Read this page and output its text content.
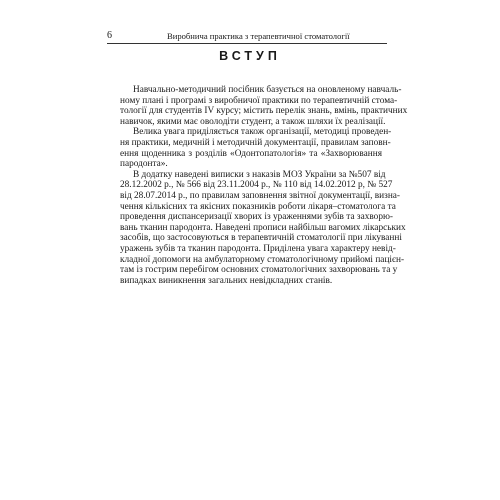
6	Виробнича практика з терапевтичної стоматології
ВСТУП
Навчально-методичний посібник базується на оновленому навчаль-
ному плані і програмі з виробничої практики по терапевтичній стома-
тології для студентів IV курсу; містить перелік знань, вмінь, практичних
навичок, якими має оволодіти студент, а також шляхи їх реалізації.
Велика увага приділяється також організації, методиці проведен-
ня практики, медичній і методичній документації, правилам заповн-
ення щоденника з розділів «Одонтопатологія» та «Захворювання
пародонта».
В додатку наведені виписки з наказів МОЗ України за №507 від
28.12.2002 р., № 566 від 23.11.2004 р., № 110 від 14.02.2012 р, № 527
від 28.07.2014 р., по правилам заповнення звітної документації, визна-
чення кількісних та якісних показників роботи лікаря–стоматолога та
проведення диспансеризації хворих із ураженнями зубів та захворю-
вань тканин пародонта. Наведені прописи найбільш вагомих лікарських
засобів, що застосовуються в терапевтичній стоматології при лікуванні
уражень зубів та тканин пародонта. Приділена увага характеру невід-
кладної допомоги на амбулаторному стоматологічному прийомі пацієн-
там із гострим перебігом основних стоматологічних захворювань та у
випадках виникнення загальних невідкладних станів.
